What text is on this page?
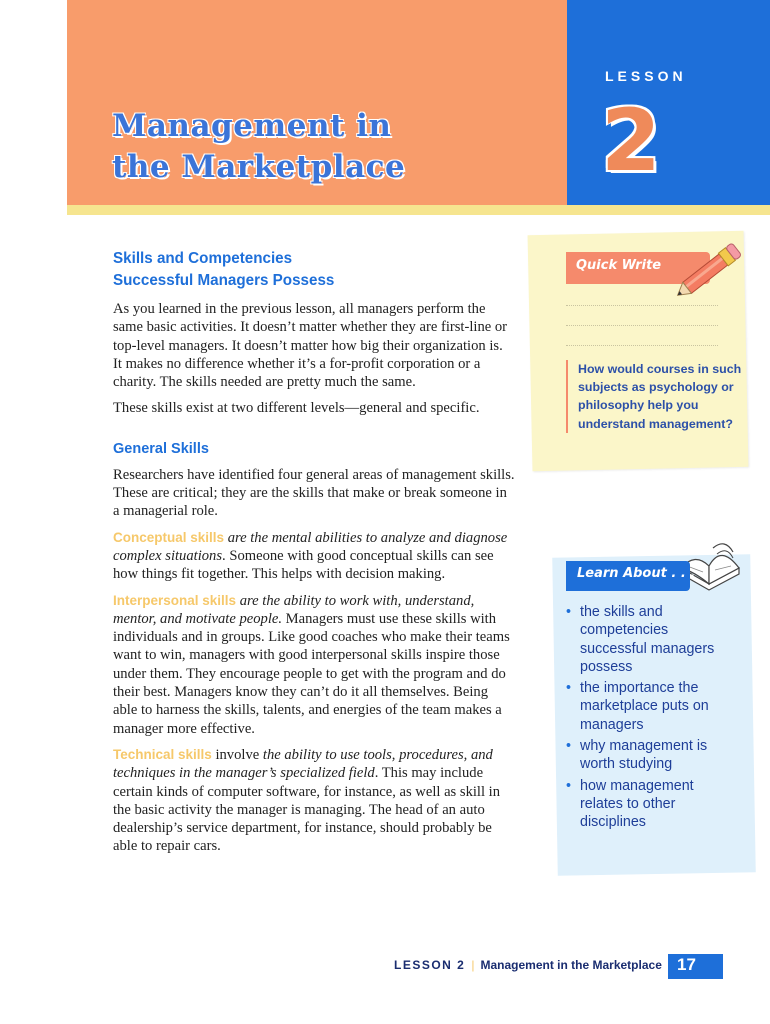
Management in
the Marketplace
LESSON
2
Skills and Competencies
Successful Managers Possess

As you learned in the previous lesson, all managers perform the same basic activities. It doesn’t matter whether they are first-line or top-level managers. It doesn’t matter how big their organization is. It makes no difference whether it’s a for-profit corporation or a charity. The skills needed are pretty much the same.

These skills exist at two different levels—general and specific.

General Skills

Researchers have identified four general areas of management skills. These are critical; they are the skills that make or break someone in a managerial role.

Conceptual skills are the mental abilities to analyze and diagnose complex situations. Someone with good conceptual skills can see how things fit together. This helps with decision making.

Interpersonal skills are the ability to work with, understand, mentor, and motivate people. Managers must use these skills with individuals and in groups. Like good coaches who make their teams want to win, managers with good interpersonal skills inspire those under them. They encourage people to get with the program and do their best. Managers know they can’t do it all themselves. Being able to harness the skills, talents, and energies of the team makes a manager more effective.

Technical skills involve the ability to use tools, procedures, and techniques in the manager’s specialized field. This may include certain kinds of computer software, for instance, as well as skill in the basic activity the manager is managing. The head of an auto dealership’s service department, for instance, should probably be able to repair cars.

Quick Write
How would courses in such subjects as psychology or philosophy help you understand management?
Learn About . . .
• the skills and competencies successful managers possess
• the importance the marketplace puts on managers
• why management is worth studying
• how management relates to other disciplines
LESSON 2 | Management in the Marketplace 17
